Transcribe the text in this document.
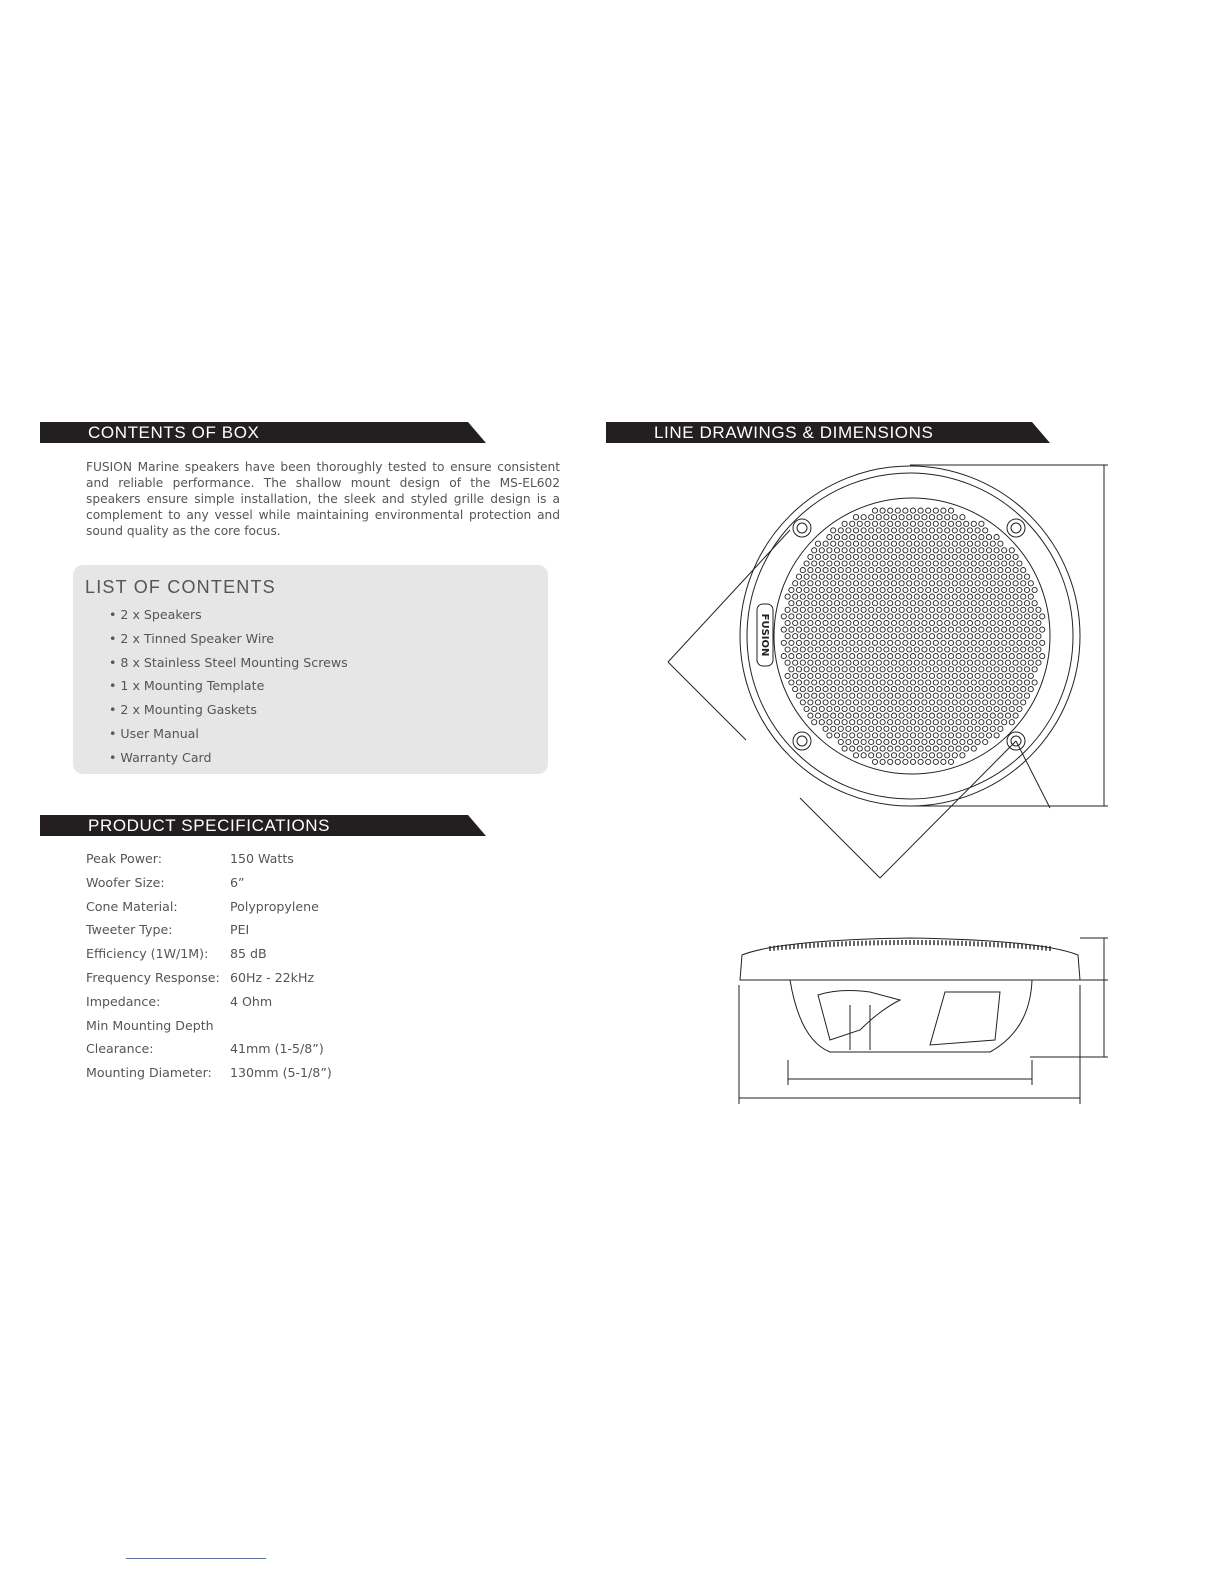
CONTENTS OF BOX

FUSION Marine speakers have been thoroughly tested to ensure consistent and reliable performance. The shallow mount design of the MS-EL602 speakers ensure simple installation, the sleek and styled grille design is a complement to any vessel while maintaining environmental protection and sound quality as the core focus.

LIST OF CONTENTS
• 2 x Speakers
• 2 x Tinned Speaker Wire
• 8 x Stainless Steel Mounting Screws
• 1 x Mounting Template
• 2 x Mounting Gaskets
• User Manual
• Warranty Card
PRODUCT SPECIFICATIONS
Peak Power:	150 Watts
Woofer Size:	6”
Cone Material:	Polypropylene
Tweeter Type:	PEI
Efficiency (1W/1M): 85 dB
Frequency Response: 60Hz - 22kHz
Impedance:	4 Ohm
Min Mounting Depth
Clearance:	41mm (1-5/8”)
Mounting Diameter: 130mm (5-1/8”)
LINE DRAWINGS & DIMENSIONS
FUSION
